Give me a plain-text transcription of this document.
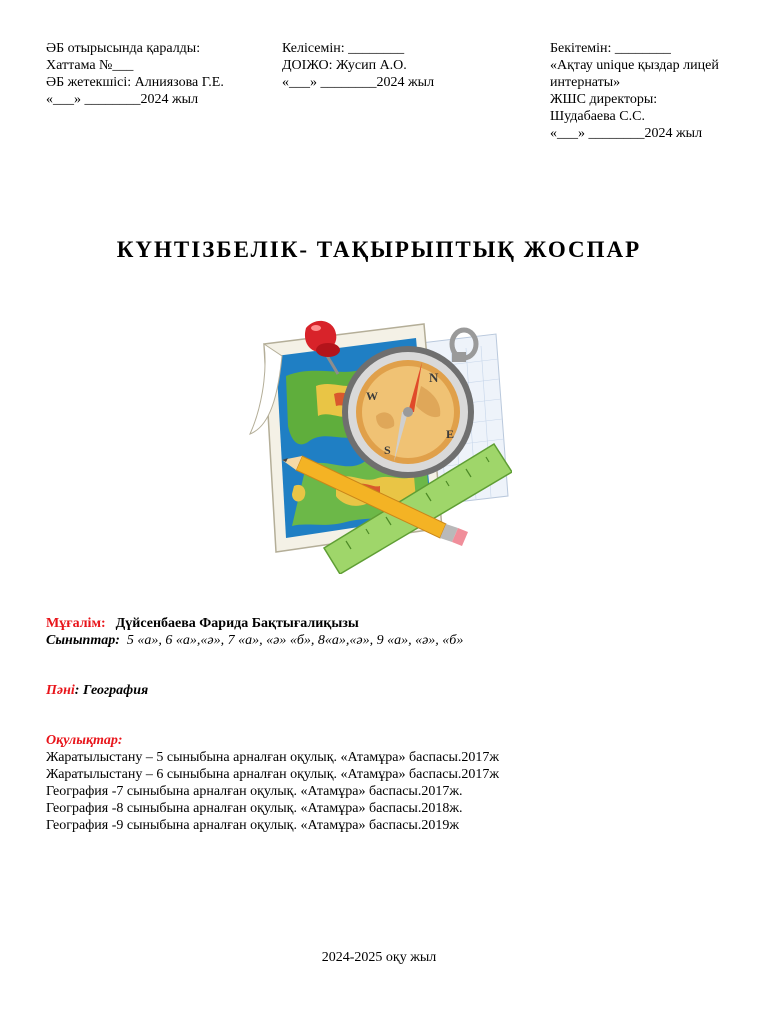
ӘБ отырысында қаралды:
Хаттама №___
ӘБ жетекшісі: Алниязова Г.Е.
«___» ________2024 жыл
Келісемін: ________
ДОІЖО: Жусип А.О.
«___» ________2024 жыл
Бекітемін: ________
«Ақтау unique қыздар лицей
интернаты»
ЖШС директоры:
Шудабаева С.С.
«___» ________2024 жыл
КҮНТІЗБЕЛІК- ТАҚЫРЫПТЫҚ ЖОСПАР
N
W
S
E
Мұғалім: Дүйсенбаева Фарида Бақтығалиқызы
Сыныптар: 5 «а», 6 «а»,«ә», 7 «а», «ә» «б», 8«а»,«ә», 9 «а», «ә», «б»
Пәні: География
Оқулықтар:
Жаратылыстану – 5 сыныбына арналған оқулық. «Атамұра» баспасы.2017ж
Жаратылыстану – 6 сыныбына арналған оқулық. «Атамұра» баспасы.2017ж
География -7 сыныбына арналған оқулық. «Атамұра» баспасы.2017ж.
География -8 сыныбына арналған оқулық. «Атамұра» баспасы.2018ж.
География -9 сыныбына арналған оқулық. «Атамұра» баспасы.2019ж
2024-2025 оқу жыл
